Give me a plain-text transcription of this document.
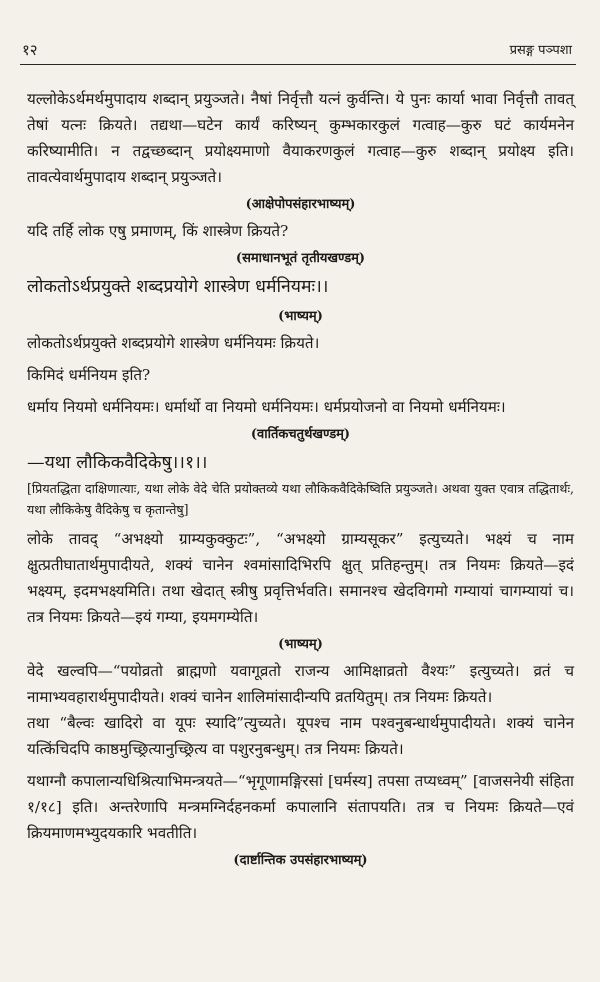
१२	प्रसङ्ग पञ्पशा

यल्लोकेऽर्थमर्थमुपादाय शब्दान् प्रयुञ्जते। नैषां निर्वृत्तौ यत्नं कुर्वन्ति। ये पुनः कार्या भावा निर्वृत्तौ तावत् तेषां यत्नः क्रियते। तद्यथा—घटेन कार्यं करिष्यन् कुम्भकारकुलं गत्वाह—कुरु घटं कार्यमनेन करिष्यामीति। न तद्वच्छब्दान् प्रयोक्ष्यमाणो वैयाकरणकुलं गत्वाह—कुरु शब्दान् प्रयोक्ष्य इति। तावत्येवार्थमुपादाय शब्दान् प्रयुञ्जते।

(आक्षेपोपसंहारभाष्यम्)

यदि तर्हि लोक एषु प्रमाणम्, किं शास्त्रेण क्रियते?

(समाधानभूतं तृतीयखण्डम्)

लोकतोऽर्थप्रयुक्ते शब्दप्रयोगे शास्त्रेण धर्मनियमः।।

(भाष्यम्)

लोकतोऽर्थप्रयुक्ते शब्दप्रयोगे शास्त्रेण धर्मनियमः क्रियते।

किमिदं धर्मनियम इति?

धर्माय नियमो धर्मनियमः। धर्मार्थो वा नियमो धर्मनियमः। धर्मप्रयोजनो वा नियमो धर्मनियमः।

(वार्तिकचतुर्थखण्डम्)

—यथा लौकिकवैदिकेषु।।१।।

[प्रियतद्धिता दाक्षिणात्याः, यथा लोके वेदे चेति प्रयोक्तव्ये यथा लौकिकवैदिकेष्विति प्रयुञ्जते। अथवा युक्त एवात्र तद्धितार्थः, यथा लौकिकेषु वैदिकेषु च कृतान्तेषु]

लोके तावद् “अभक्ष्यो ग्राम्यकुक्कुटः”, “अभक्ष्यो ग्राम्यसूकर” इत्युच्यते। भक्ष्यं च नाम क्षुत्प्रतीघातार्थमुपादीयते, शक्यं चानेन श्वमांसादिभिरपि क्षुत् प्रतिहन्तुम्। तत्र नियमः क्रियते—इदं भक्ष्यम्, इदमभक्ष्यमिति। तथा खेदात् स्त्रीषु प्रवृत्तिर्भवति। समानश्च खेदविगमो गम्यायां चागम्यायां च। तत्र नियमः क्रियते—इयं गम्या, इयमगम्येति।

(भाष्यम्)

वेदे खल्वपि—“पयोव्रतो ब्राह्मणो यवागूव्रतो राजन्य आमिक्षाव्रतो वैश्यः” इत्युच्यते। व्रतं च नामाभ्यवहारार्थमुपादीयते। शक्यं चानेन शालिमांसादीन्यपि व्रतयितुम्। तत्र नियमः क्रियते।

तथा “बैल्वः खादिरो वा यूपः स्यादि”त्युच्यते। यूपश्च नाम पश्वनुबन्धार्थमुपादीयते। शक्यं चानेन यत्किंचिदपि काष्ठमुच्छ्रित्यानुच्छ्रित्य वा पशुरनुबन्धुम्। तत्र नियमः क्रियते।

यथाग्नौ कपालान्यधिश्रित्याभिमन्त्रयते—“भृगूणामङ्गिरसां [घर्मस्य] तपसा तप्यध्वम्” [वाजसनेयी संहिता १/१८] इति। अन्तरेणापि मन्त्रमग्निर्दहनकर्मा कपालानि संतापयति। तत्र च नियमः क्रियते—एवं क्रियमाणमभ्युदयकारि भवतीति।

(दार्ष्टान्तिक उपसंहारभाष्यम्)
